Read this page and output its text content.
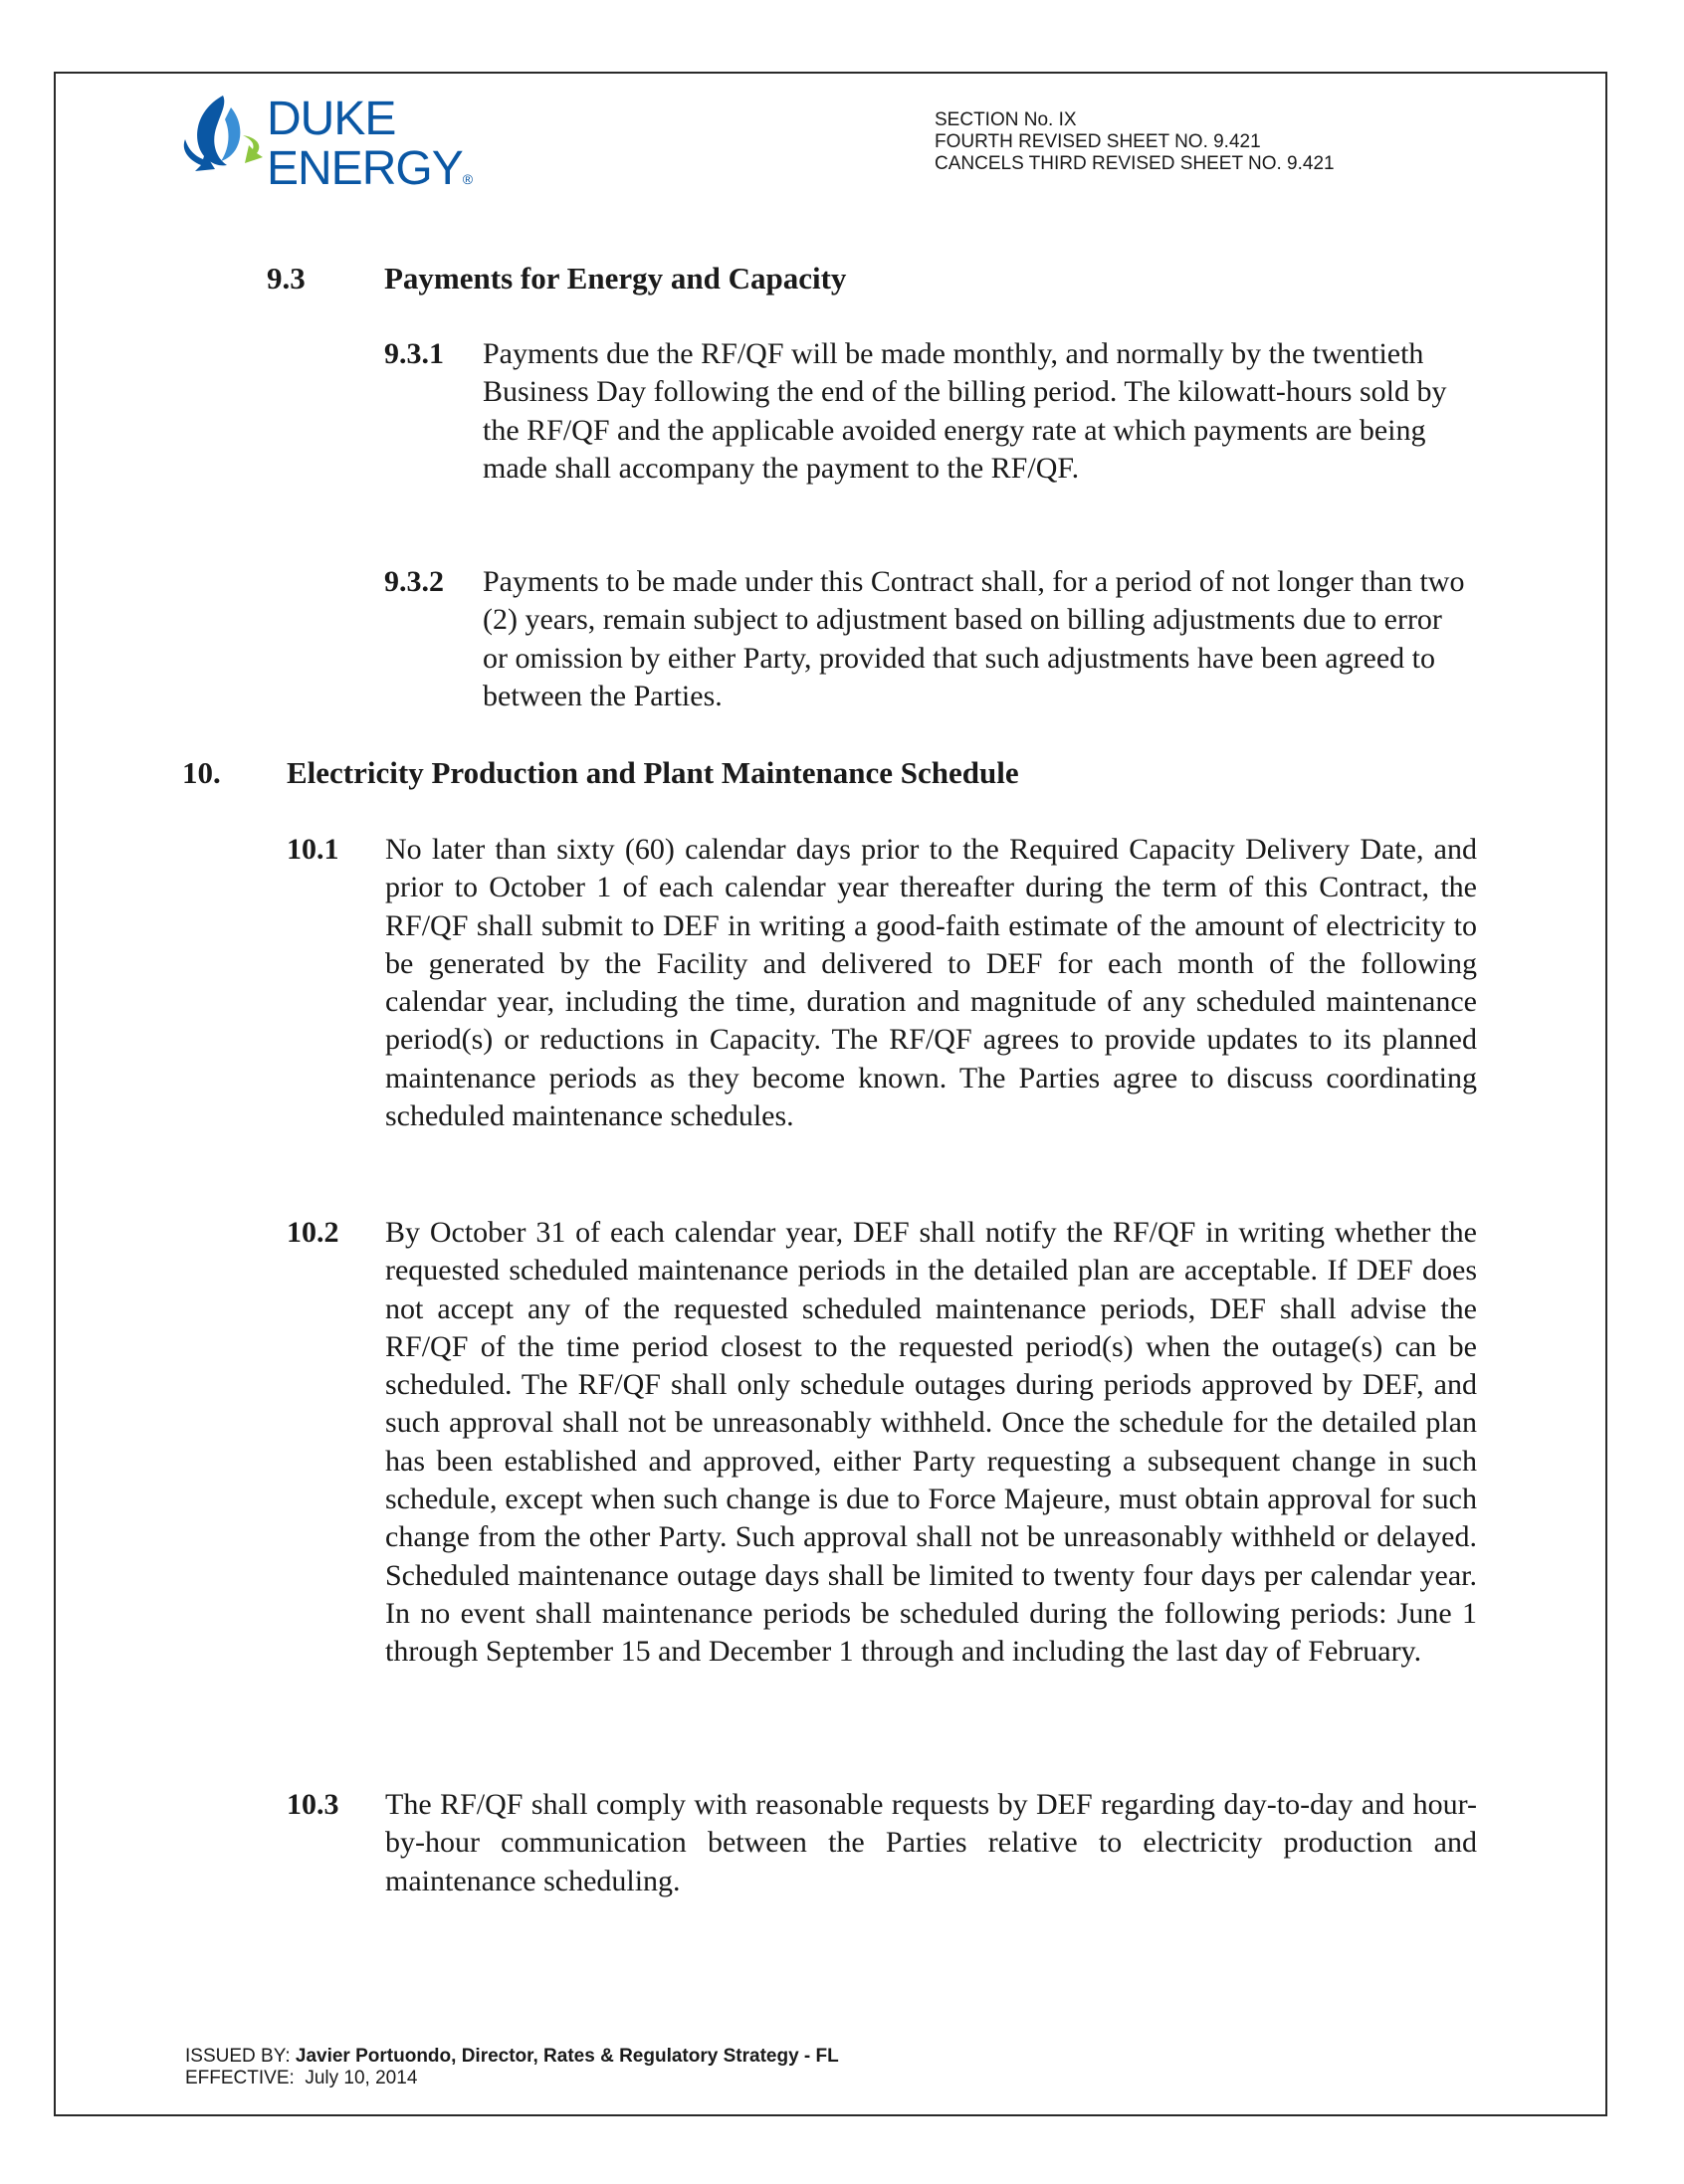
DUKE
ENERGY®
SECTION No. IX
FOURTH REVISED SHEET NO. 9.421
CANCELS THIRD REVISED SHEET NO. 9.421
9.3	Payments for Energy and Capacity
9.3.1 Payments due the RF/QF will be made monthly, and normally by the twentieth Business Day following the end of the billing period. The kilowatt-hours sold by the RF/QF and the applicable avoided energy rate at which payments are being made shall accompany the payment to the RF/QF.
9.3.2 Payments to be made under this Contract shall, for a period of not longer than two (2) years, remain subject to adjustment based on billing adjustments due to error or omission by either Party, provided that such adjustments have been agreed to between the Parties.
10. Electricity Production and Plant Maintenance Schedule
10.1 No later than sixty (60) calendar days prior to the Required Capacity Delivery Date, and prior to October 1 of each calendar year thereafter during the term of this Contract, the RF/QF shall submit to DEF in writing a good-faith estimate of the amount of electricity to be generated by the Facility and delivered to DEF for each month of the following calendar year, including the time, duration and magnitude of any scheduled maintenance period(s) or reductions in Capacity. The RF/QF agrees to provide updates to its planned maintenance periods as they become known. The Parties agree to discuss coordinating scheduled maintenance schedules.
10.2 By October 31 of each calendar year, DEF shall notify the RF/QF in writing whether the requested scheduled maintenance periods in the detailed plan are acceptable. If DEF does not accept any of the requested scheduled maintenance periods, DEF shall advise the RF/QF of the time period closest to the requested period(s) when the outage(s) can be scheduled. The RF/QF shall only schedule outages during periods approved by DEF, and such approval shall not be unreasonably withheld. Once the schedule for the detailed plan has been established and approved, either Party requesting a subsequent change in such schedule, except when such change is due to Force Majeure, must obtain approval for such change from the other Party. Such approval shall not be unreasonably withheld or delayed. Scheduled maintenance outage days shall be limited to twenty four days per calendar year. In no event shall maintenance periods be scheduled during the following periods: June 1 through September 15 and December 1 through and including the last day of February.
10.3 The RF/QF shall comply with reasonable requests by DEF regarding day-to-day and hour-by-hour communication between the Parties relative to electricity production and maintenance scheduling.
ISSUED BY: Javier Portuondo, Director, Rates & Regulatory Strategy - FL
EFFECTIVE: July 10, 2014
